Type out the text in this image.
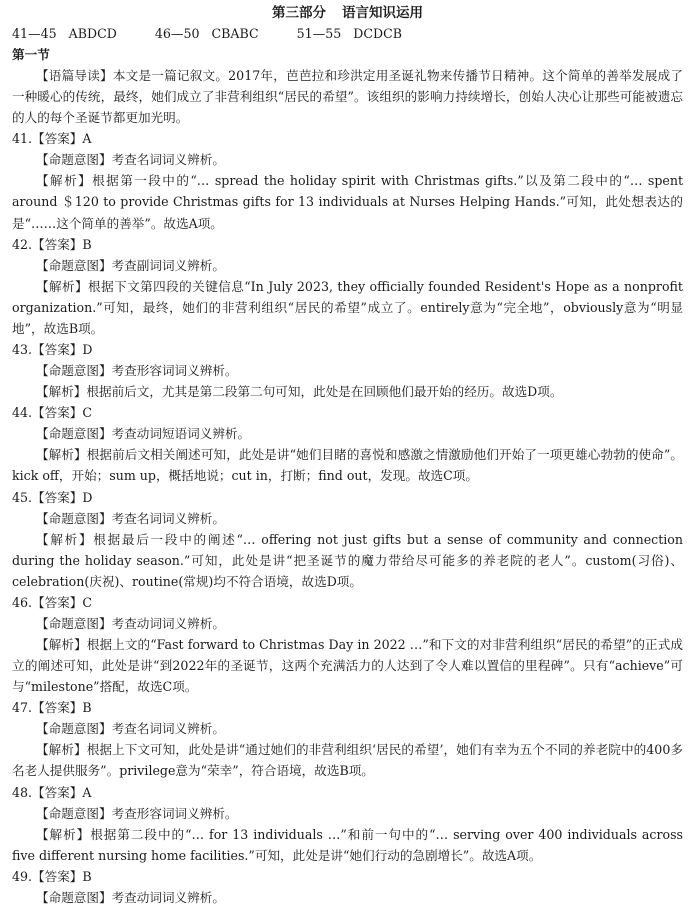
第三部分 语言知识运用
41—45 ABDCD	46—50 CBABC	51—55 DCDCB
第一节

【语篇导读】本文是一篇记叙文。2017年，芭芭拉和珍洪定用圣诞礼物来传播节日精神。这个简单的善举发展成了一种暖心的传统，最终，她们成立了非营利组织“居民的希望”。该组织的影响力持续增长，创始人决心让那些可能被遗忘的人的每个圣诞节都更加光明。

41.【答案】A

【命题意图】考查名词词义辨析。

【解析】根据第一段中的“… spread the holiday spirit with Christmas gifts.”以及第二段中的“… spent around ＄120 to provide Christmas gifts for 13 individuals at Nurses Helping Hands.”可知，此处想表达的是“……这个简单的善举”。故选A项。

42.【答案】B

【命题意图】考查副词词义辨析。

【解析】根据下文第四段的关键信息“In July 2023, they officially founded Resident's Hope as a nonprofit organization.”可知，最终，她们的非营利组织“居民的希望”成立了。entirely意为“完全地”，obviously意为“明显地”，故选B项。

43.【答案】D

【命题意图】考查形容词词义辨析。

【解析】根据前后文，尤其是第二段第二句可知，此处是在回顾他们最开始的经历。故选D项。

44.【答案】C

【命题意图】考查动词短语词义辨析。

【解析】根据前后文相关阐述可知，此处是讲“她们目睹的喜悦和感激之情激励他们开始了一项更雄心勃勃的使命”。kick off，开始；sum up，概括地说；cut in，打断；find out，发现。故选C项。

45.【答案】D

【命题意图】考查名词词义辨析。

【解析】根据最后一段中的阐述“… offering not just gifts but a sense of community and connection during the holiday season.”可知，此处是讲“把圣诞节的魔力带给尽可能多的养老院的老人”。custom(习俗)、celebration(庆祝)、routine(常规)均不符合语境，故选D项。

46.【答案】C

【命题意图】考查动词词义辨析。

【解析】根据上文的“Fast forward to Christmas Day in 2022 …”和下文的对非营利组织“居民的希望”的正式成立的阐述可知，此处是讲“到2022年的圣诞节，这两个充满活力的人达到了令人难以置信的里程碑”。只有“achieve”可与“milestone”搭配，故选C项。

47.【答案】B

【命题意图】考查名词词义辨析。

【解析】根据上下文可知，此处是讲“通过她们的非营利组织‘居民的希望’，她们有幸为五个不同的养老院中的400多名老人提供服务”。privilege意为“荣幸”，符合语境，故选B项。

48.【答案】A

【命题意图】考查形容词词义辨析。

【解析】根据第二段中的“… for 13 individuals …”和前一句中的“… serving over 400 individuals across five different nursing home facilities.”可知，此处是讲“她们行动的急剧增长”。故选A项。

49.【答案】B

【命题意图】考查动词词义辨析。
